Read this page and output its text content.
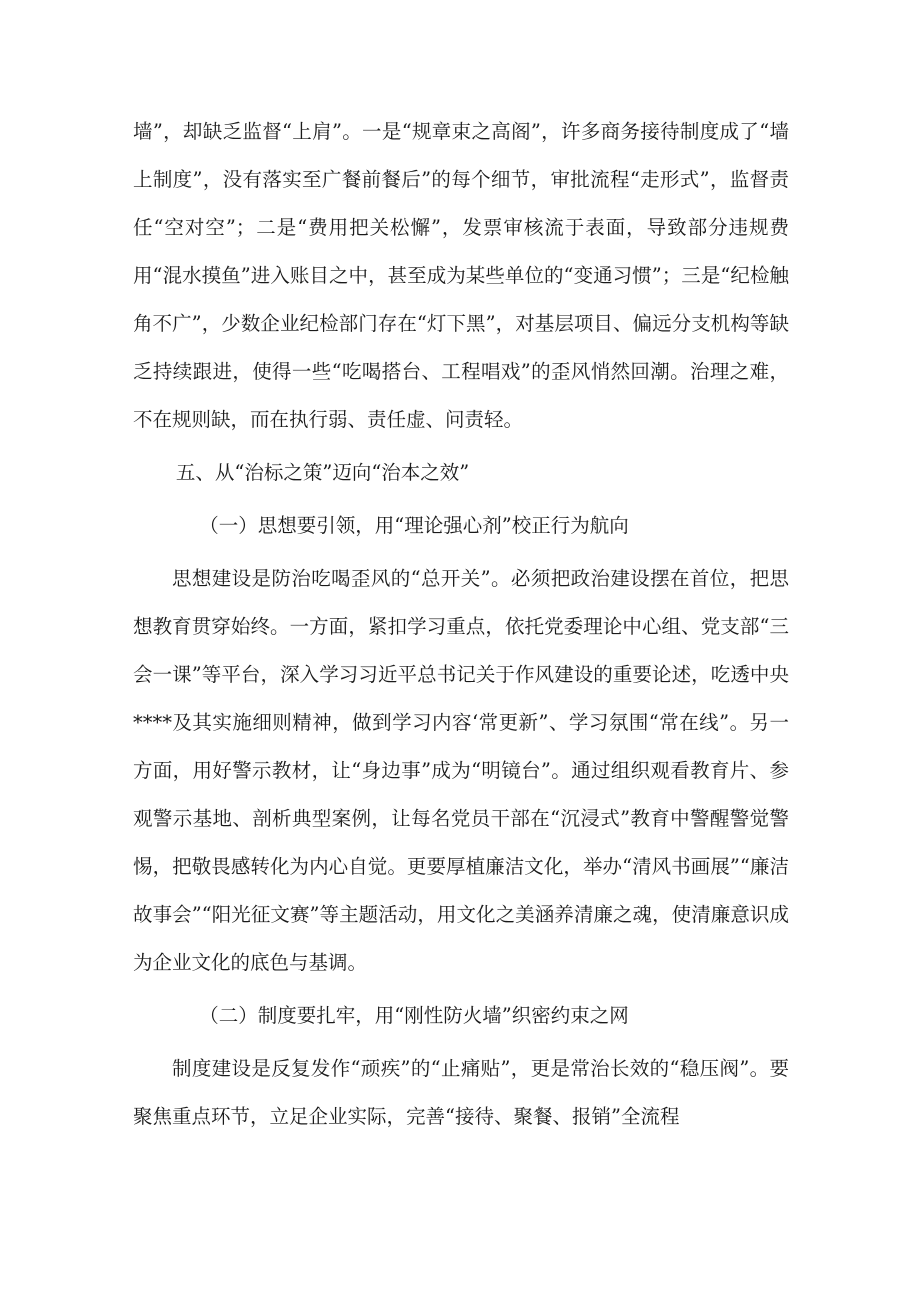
墙”，却缺乏监督“上肩”。一是“规章束之高阁”，许多商务接待制度成了“墙上制度”，没有落实至广餐前餐后”的每个细节，审批流程“走形式”，监督责任“空对空”；二是“费用把关松懈”，发票审核流于表面，导致部分违规费用“混水摸鱼”进入账目之中，甚至成为某些单位的“变通习惯”；三是“纪检触角不广”，少数企业纪检部门存在“灯下黑”，对基层项目、偏远分支机构等缺乏持续跟进，使得一些“吃喝搭台、工程唱戏”的歪风悄然回潮。治理之难，不在规则缺，而在执行弱、责任虚、问责轻。

五、从“治标之策”迈向“治本之效”

（一）思想要引领，用“理论强心剂”校正行为航向

思想建设是防治吃喝歪风的“总开关”。必须把政治建设摆在首位，把思想教育贯穿始终。一方面，紧扣学习重点，依托党委理论中心组、党支部“三会一课”等平台，深入学习习近平总书记关于作风建设的重要论述，吃透中央****及其实施细则精神，做到学习内容‘常更新”、学习氛围“常在线”。另一方面，用好警示教材，让“身边事”成为“明镜台”。通过组织观看教育片、参观警示基地、剖析典型案例，让每名党员干部在“沉浸式”教育中警醒警觉警惕，把敬畏感转化为内心自觉。更要厚植廉洁文化，举办“清风书画展”“廉洁故事会”“阳光征文赛”等主题活动，用文化之美涵养清廉之魂，使清廉意识成为企业文化的底色与基调。

（二）制度要扎牢，用“刚性防火墙”织密约束之网

制度建设是反复发作“顽疾”的“止痛贴”，更是常治长效的“稳压阀”。要聚焦重点环节，立足企业实际，完善“接待、聚餐、报销”全流程
